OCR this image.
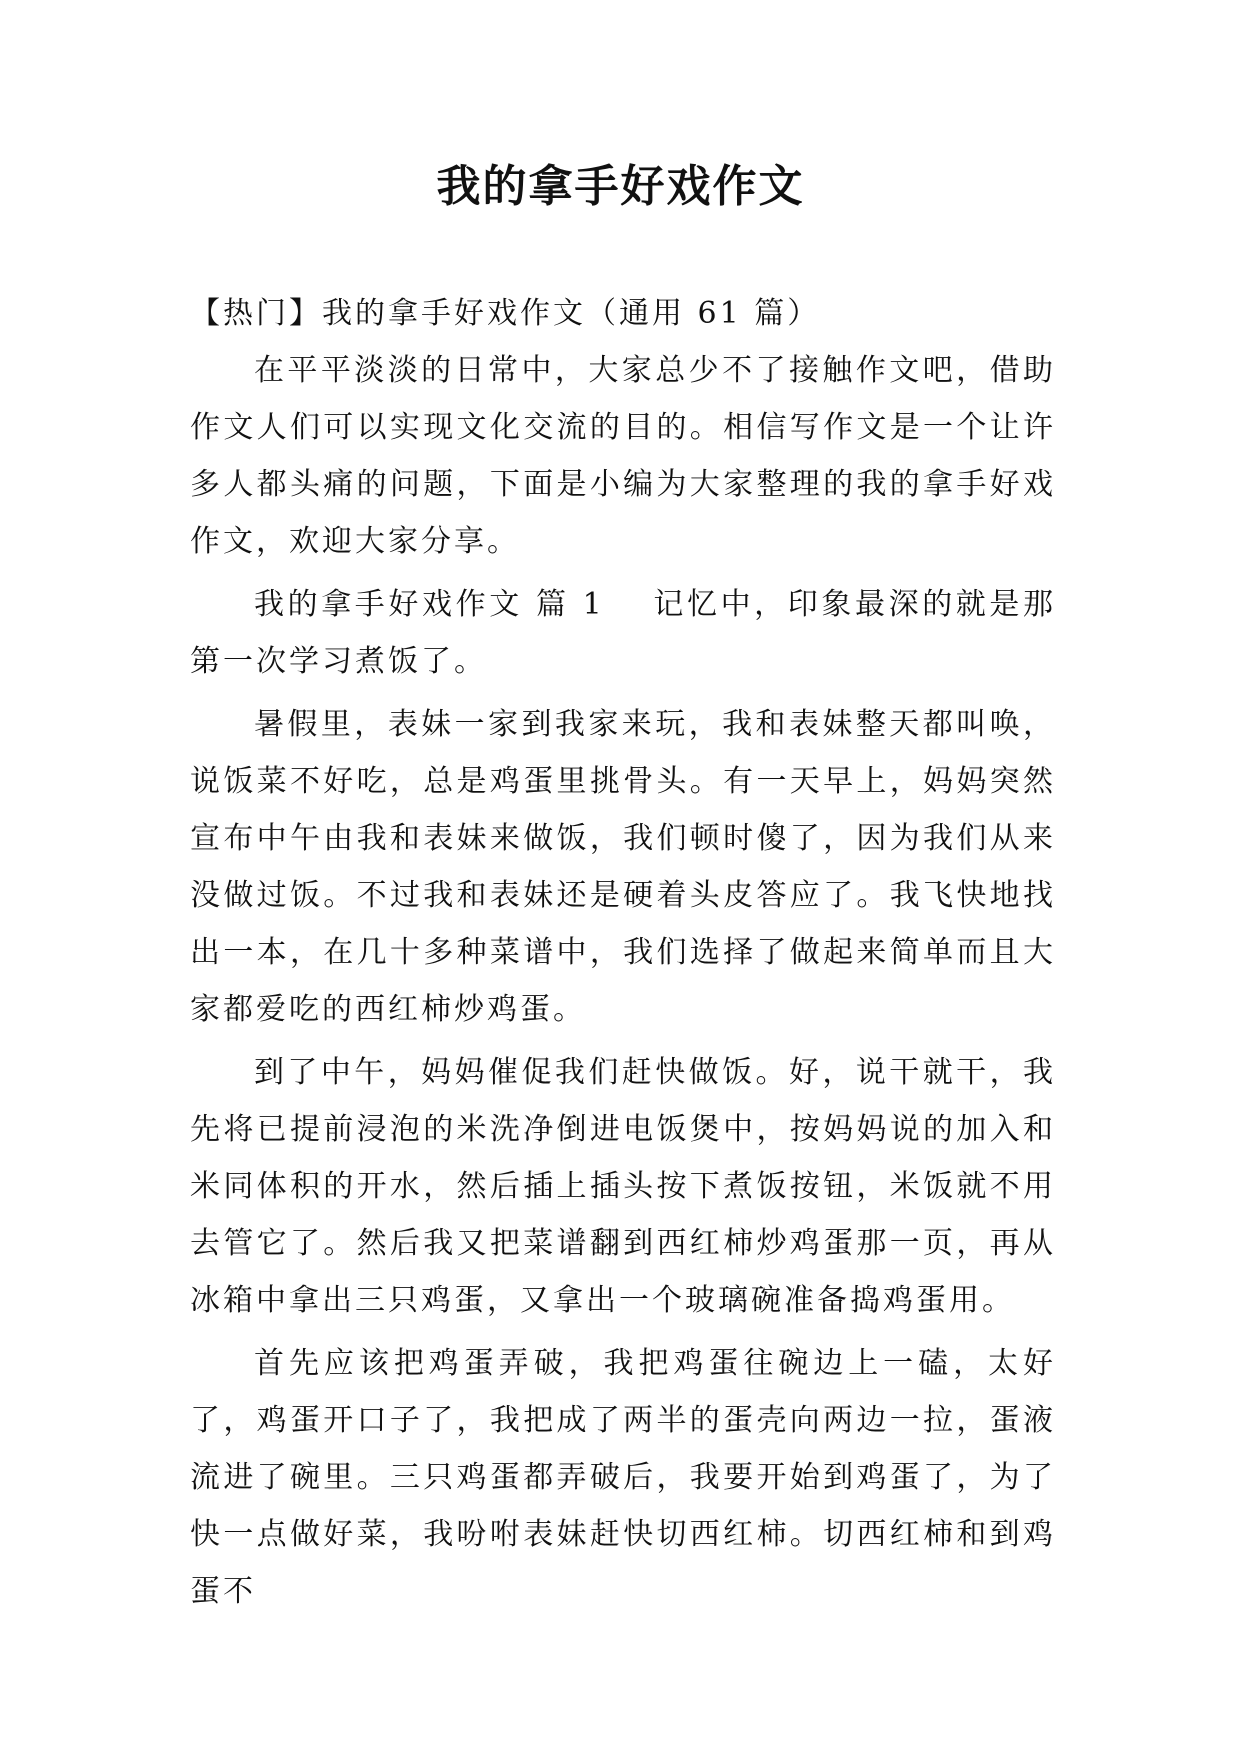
我的拿手好戏作文

【热门】我的拿手好戏作文（通用 61 篇）

在平平淡淡的日常中，大家总少不了接触作文吧，借助作文人们可以实现文化交流的目的。相信写作文是一个让许多人都头痛的问题，下面是小编为大家整理的我的拿手好戏作文，欢迎大家分享。

我的拿手好戏作文 篇 1 记忆中，印象最深的就是那第一次学习煮饭了。

暑假里，表妹一家到我家来玩，我和表妹整天都叫唤，说饭菜不好吃，总是鸡蛋里挑骨头。有一天早上，妈妈突然宣布中午由我和表妹来做饭，我们顿时傻了，因为我们从来没做过饭。不过我和表妹还是硬着头皮答应了。我飞快地找出一本，在几十多种菜谱中，我们选择了做起来简单而且大家都爱吃的西红柿炒鸡蛋。

到了中午，妈妈催促我们赶快做饭。好，说干就干，我先将已提前浸泡的米洗净倒进电饭煲中，按妈妈说的加入和米同体积的开水，然后插上插头按下煮饭按钮，米饭就不用去管它了。然后我又把菜谱翻到西红柿炒鸡蛋那一页，再从冰箱中拿出三只鸡蛋，又拿出一个玻璃碗准备捣鸡蛋用。

首先应该把鸡蛋弄破，我把鸡蛋往碗边上一磕，太好了，鸡蛋开口子了，我把成了两半的蛋壳向两边一拉，蛋液流进了碗里。三只鸡蛋都弄破后，我要开始到鸡蛋了，为了快一点做好菜，我吩咐表妹赶快切西红柿。切西红柿和到鸡蛋不
